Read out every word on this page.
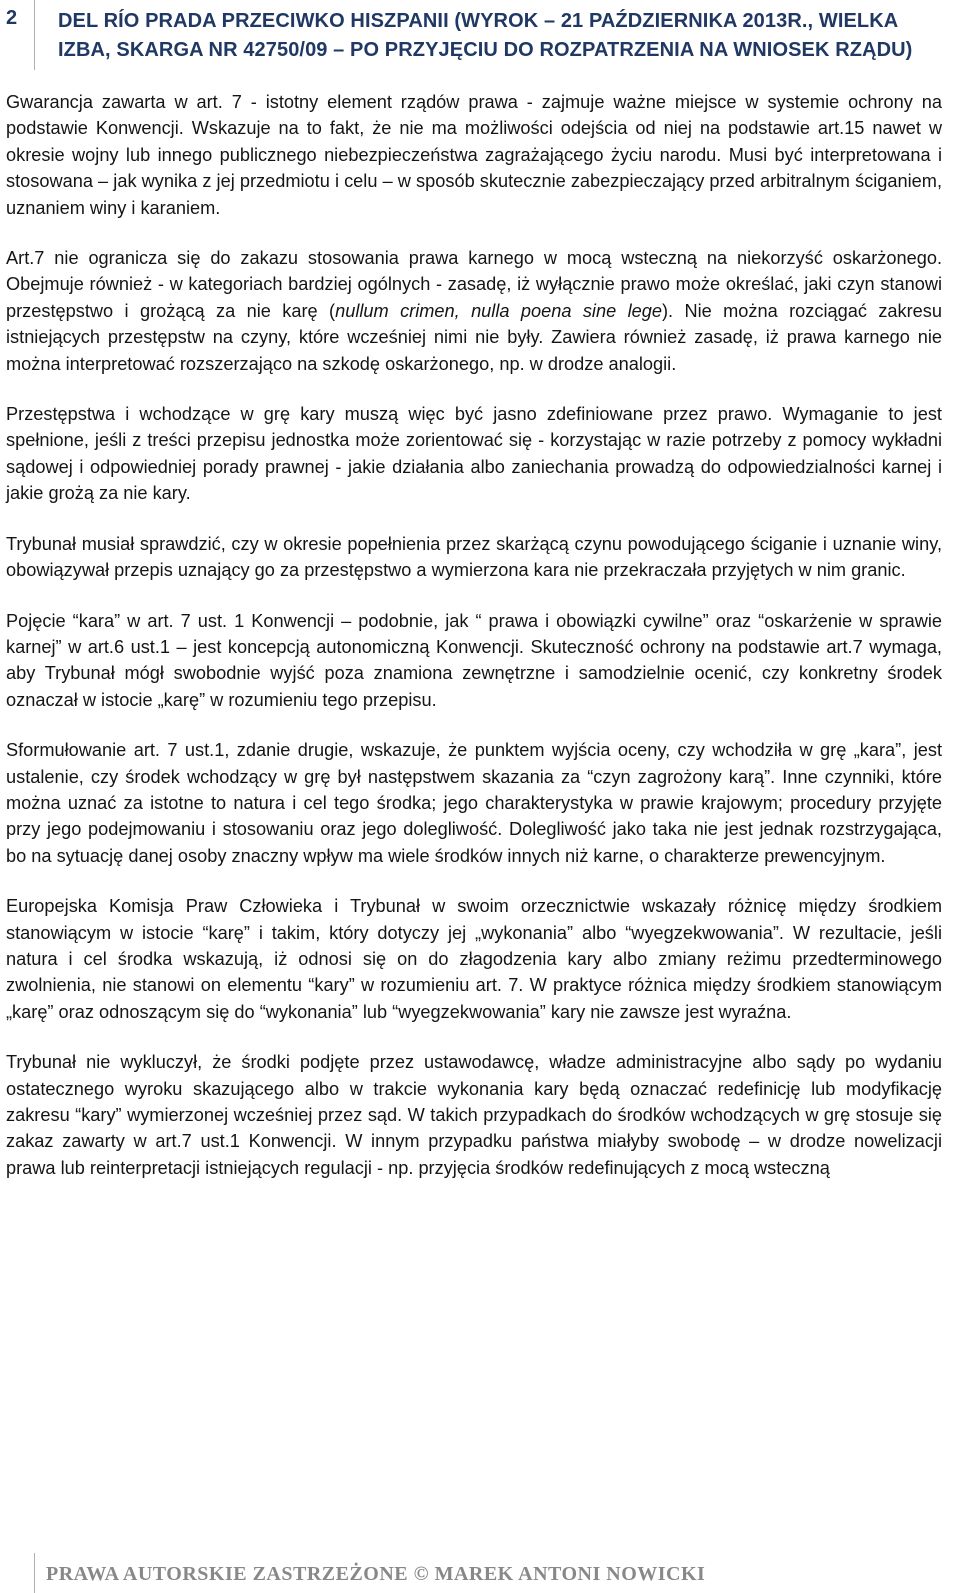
2 DEL RÍO PRADA PRZECIWKO HISZPANII (WYROK – 21 PAŹDZIERNIKA 2013R., WIELKA IZBA, SKARGA NR 42750/09 – PO PRZYJĘCIU DO ROZPATRZENIA NA WNIOSEK RZĄDU)

Gwarancja zawarta w art. 7 - istotny element rządów prawa - zajmuje ważne miejsce w systemie ochrony na podstawie Konwencji. Wskazuje na to fakt, że nie ma możliwości odejścia od niej na podstawie art.15 nawet w okresie wojny lub innego publicznego niebezpieczeństwa zagrażającego życiu narodu. Musi być interpretowana i stosowana – jak wynika z jej przedmiotu i celu – w sposób skutecznie zabezpieczający przed arbitralnym ściganiem, uznaniem winy i karaniem.

Art.7 nie ogranicza się do zakazu stosowania prawa karnego w mocą wsteczną na niekorzyść oskarżonego. Obejmuje również - w kategoriach bardziej ogólnych - zasadę, iż wyłącznie prawo może określać, jaki czyn stanowi przestępstwo i grożącą za nie karę (nullum crimen, nulla poena sine lege). Nie można rozciągać zakresu istniejących przestępstw na czyny, które wcześniej nimi nie były. Zawiera również zasadę, iż prawa karnego nie można interpretować rozszerzająco na szkodę oskarżonego, np. w drodze analogii.

Przestępstwa i wchodzące w grę kary muszą więc być jasno zdefiniowane przez prawo. Wymaganie to jest spełnione, jeśli z treści przepisu jednostka może zorientować się - korzystając w razie potrzeby z pomocy wykładni sądowej i odpowiedniej porady prawnej - jakie działania albo zaniechania prowadzą do odpowiedzialności karnej i jakie grożą za nie kary.

Trybunał musiał sprawdzić, czy w okresie popełnienia przez skarżącą czynu powodującego ściganie i uznanie winy, obowiązywał przepis uznający go za przestępstwo a wymierzona kara nie przekraczała przyjętych w nim granic.

Pojęcie “kara” w art. 7 ust. 1 Konwencji – podobnie, jak “ prawa i obowiązki cywilne” oraz “oskarżenie w sprawie karnej” w art.6 ust.1 – jest koncepcją autonomiczną Konwencji. Skuteczność ochrony na podstawie art.7 wymaga, aby Trybunał mógł swobodnie wyjść poza znamiona zewnętrzne i samodzielnie ocenić, czy konkretny środek oznaczał w istocie „karę” w rozumieniu tego przepisu.

Sformułowanie art. 7 ust.1, zdanie drugie, wskazuje, że punktem wyjścia oceny, czy wchodziła w grę „kara”, jest ustalenie, czy środek wchodzący w grę był następstwem skazania za “czyn zagrożony karą”. Inne czynniki, które można uznać za istotne to natura i cel tego środka; jego charakterystyka w prawie krajowym; procedury przyjęte przy jego podejmowaniu i stosowaniu oraz jego dolegliwość. Dolegliwość jako taka nie jest jednak rozstrzygająca, bo na sytuację danej osoby znaczny wpływ ma wiele środków innych niż karne, o charakterze prewencyjnym.

Europejska Komisja Praw Człowieka i Trybunał w swoim orzecznictwie wskazały różnicę między środkiem stanowiącym w istocie “karę” i takim, który dotyczy jej „wykonania” albo “wyegzekwowania”. W rezultacie, jeśli natura i cel środka wskazują, iż odnosi się on do złagodzenia kary albo zmiany reżimu przedterminowego zwolnienia, nie stanowi on elementu “kary” w rozumieniu art. 7. W praktyce różnica między środkiem stanowiącym „karę” oraz odnoszącym się do “wykonania” lub “wyegzekwowania” kary nie zawsze jest wyraźna.

Trybunał nie wykluczył, że środki podjęte przez ustawodawcę, władze administracyjne albo sądy po wydaniu ostatecznego wyroku skazującego albo w trakcie wykonania kary będą oznaczać redefinicję lub modyfikację zakresu “kary” wymierzonej wcześniej przez sąd. W takich przypadkach do środków wchodzących w grę stosuje się zakaz zawarty w art.7 ust.1 Konwencji. W innym przypadku państwa miałyby swobodę – w drodze nowelizacji prawa lub reinterpretacji istniejących regulacji - np. przyjęcia środków redefinujących z mocą wsteczną

PRAWA AUTORSKIE ZASTRZEŻONE © MAREK ANTONI NOWICKI
